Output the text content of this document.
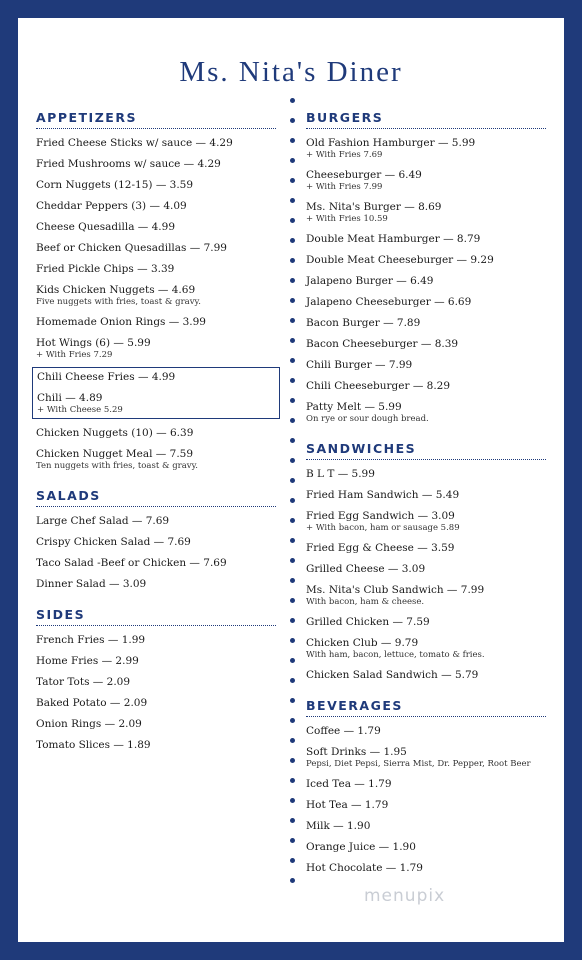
Ms. Nita's Diner
APPETIZERS
Fried Cheese Sticks w/ sauce — 4.29
Fried Mushrooms w/ sauce — 4.29
Corn Nuggets (12-15) — 3.59
Cheddar Peppers (3) — 4.09
Cheese Quesadilla — 4.99
Beef or Chicken Quesadillas — 7.99
Fried Pickle Chips — 3.39
Kids Chicken Nuggets — 4.69
Five nuggets with fries, toast & gravy.
Homemade Onion Rings — 3.99
Hot Wings (6) — 5.99
+ With Fries 7.29
Chili Cheese Fries — 4.99
Chili — 4.89
+ With Cheese 5.29
Chicken Nuggets (10) — 6.39
Chicken Nugget Meal — 7.59
Ten nuggets with fries, toast & gravy.
SALADS
Large Chef Salad — 7.69
Crispy Chicken Salad — 7.69
Taco Salad -Beef or Chicken — 7.69
Dinner Salad — 3.09
SIDES
French Fries — 1.99
Home Fries — 2.99
Tator Tots — 2.09
Baked Potato — 2.09
Onion Rings — 2.09
Tomato Slices — 1.89
BURGERS
Old Fashion Hamburger — 5.99
+ With Fries 7.69
Cheeseburger — 6.49
+ With Fries 7.99
Ms. Nita's Burger — 8.69
+ With Fries 10.59
Double Meat Hamburger — 8.79
Double Meat Cheeseburger — 9.29
Jalapeno Burger — 6.49
Jalapeno Cheeseburger — 6.69
Bacon Burger — 7.89
Bacon Cheeseburger — 8.39
Chili Burger — 7.99
Chili Cheeseburger — 8.29
Patty Melt — 5.99
On rye or sour dough bread.
SANDWICHES
B L T — 5.99
Fried Ham Sandwich — 5.49
Fried Egg Sandwich — 3.09
+ With bacon, ham or sausage 5.89
Fried Egg & Cheese — 3.59
Grilled Cheese — 3.09
Ms. Nita's Club Sandwich — 7.99
With bacon, ham & cheese.
Grilled Chicken — 7.59
Chicken Club — 9.79
With ham, bacon, lettuce, tomato & fries.
Chicken Salad Sandwich — 5.79
BEVERAGES
Coffee — 1.79
Soft Drinks — 1.95
Pepsi, Diet Pepsi, Sierra Mist, Dr. Pepper, Root Beer
Iced Tea — 1.79
Hot Tea — 1.79
Milk — 1.90
Orange Juice — 1.90
Hot Chocolate — 1.79
menupix
